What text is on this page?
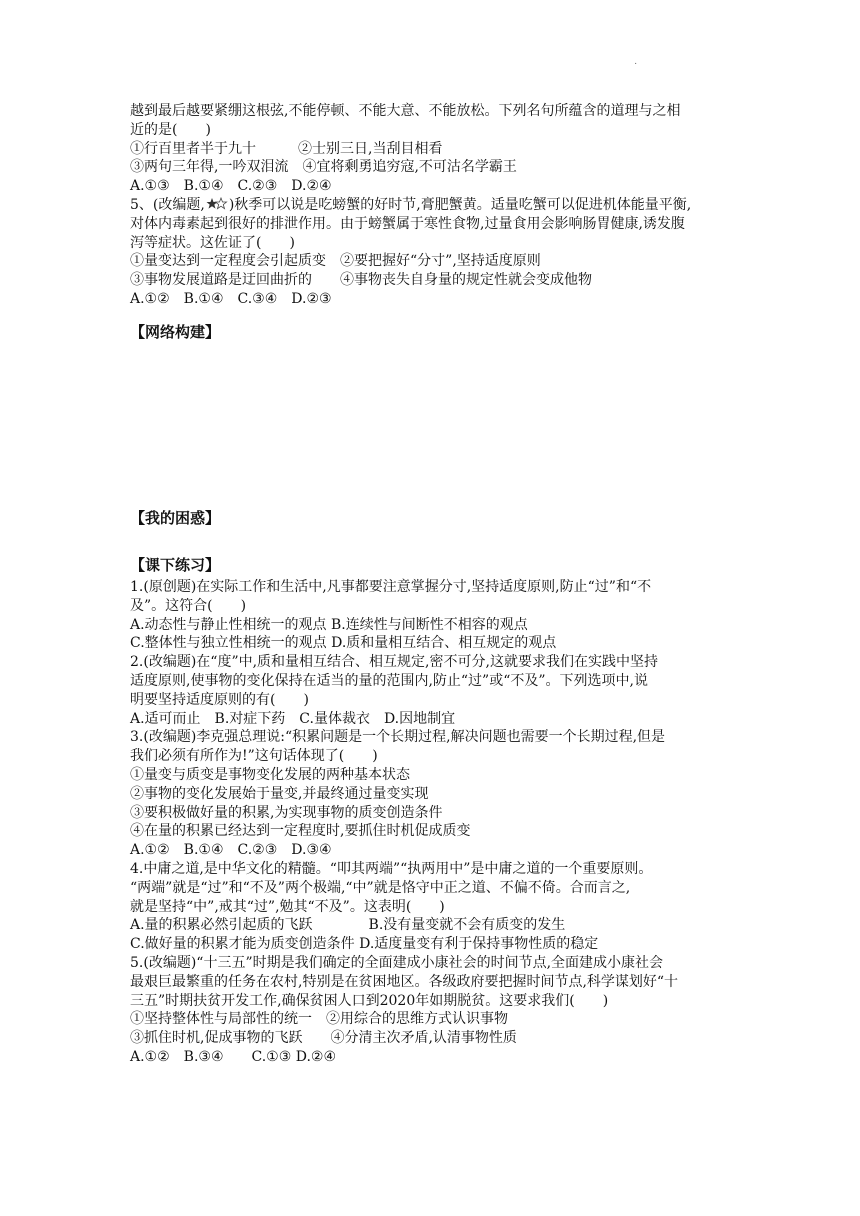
·
越到最后越要紧绷这根弦,不能停顿、不能大意、不能放松。下列名句所蕴含的道理与之相
近的是(　　)
①行百里者半于九十　　　②士别三日,当刮目相看
③两句三年得,一吟双泪流　④宜将剩勇追穷寇,不可沽名学霸王
A.①③　B.①④　C.②③　D.②④
5、(改编题, )秋季可以说是吃螃蟹的好时节,膏肥蟹黄。适量吃蟹可以促进机体能量平衡,
对体内毒素起到很好的排泄作用。由于螃蟹属于寒性食物,过量食用会影响肠胃健康,诱发腹
泻等症状。这佐证了(　　)
①量变达到一定程度会引起质变　②要把握好“分寸”,坚持适度原则
③事物发展道路是迂回曲折的　　④事物丧失自身量的规定性就会变成他物
A.①②　B.①④　C.③④　D.②③
【网络构建】
【我的困惑】
【课下练习】
1.(原创题)在实际工作和生活中,凡事都要注意掌握分寸,坚持适度原则,防止“过”和“不
及”。这符合(　　)
A.动态性与静止性相统一的观点 B.连续性与间断性不相容的观点
C.整体性与独立性相统一的观点 D.质和量相互结合、相互规定的观点
2.(改编题)在“度”中,质和量相互结合、相互规定,密不可分,这就要求我们在实践中坚持
适度原则,使事物的变化保持在适当的量的范围内,防止“过”或“不及”。下列选项中,说
明要坚持适度原则的有(　　)
A.适可而止　B.对症下药　C.量体裁衣　D.因地制宜
3.(改编题)李克强总理说:“积累问题是一个长期过程,解决问题也需要一个长期过程,但是
我们必须有所作为!”这句话体现了(　　)
①量变与质变是事物变化发展的两种基本状态
②事物的变化发展始于量变,并最终通过量变实现
③要积极做好量的积累,为实现事物的质变创造条件
④在量的积累已经达到一定程度时,要抓住时机促成质变
A.①②　B.①④　C.②③　D.③④
4.中庸之道,是中华文化的精髓。“叩其两端”“执两用中”是中庸之道的一个重要原则。
“两端”就是“过”和“不及”两个极端,“中”就是恪守中正之道、不偏不倚。合而言之,
就是坚持“中”,戒其“过”,勉其“不及”。这表明(　　)
A.量的积累必然引起质的飞跃　　　　B.没有量变就不会有质变的发生
C.做好量的积累才能为质变创造条件 D.适度量变有利于保持事物性质的稳定
5.(改编题)“十三五”时期是我们确定的全面建成小康社会的时间节点,全面建成小康社会
最艰巨最繁重的任务在农村,特别是在贫困地区。各级政府要把握时间节点,科学谋划好“十
三五”时期扶贫开发工作,确保贫困人口到2020年如期脱贫。这要求我们(　　)
①坚持整体性与局部性的统一　②用综合的思维方式认识事物
③抓住时机,促成事物的飞跃　　④分清主次矛盾,认清事物性质
A.①②　B.③④　　C.①③ D.②④
